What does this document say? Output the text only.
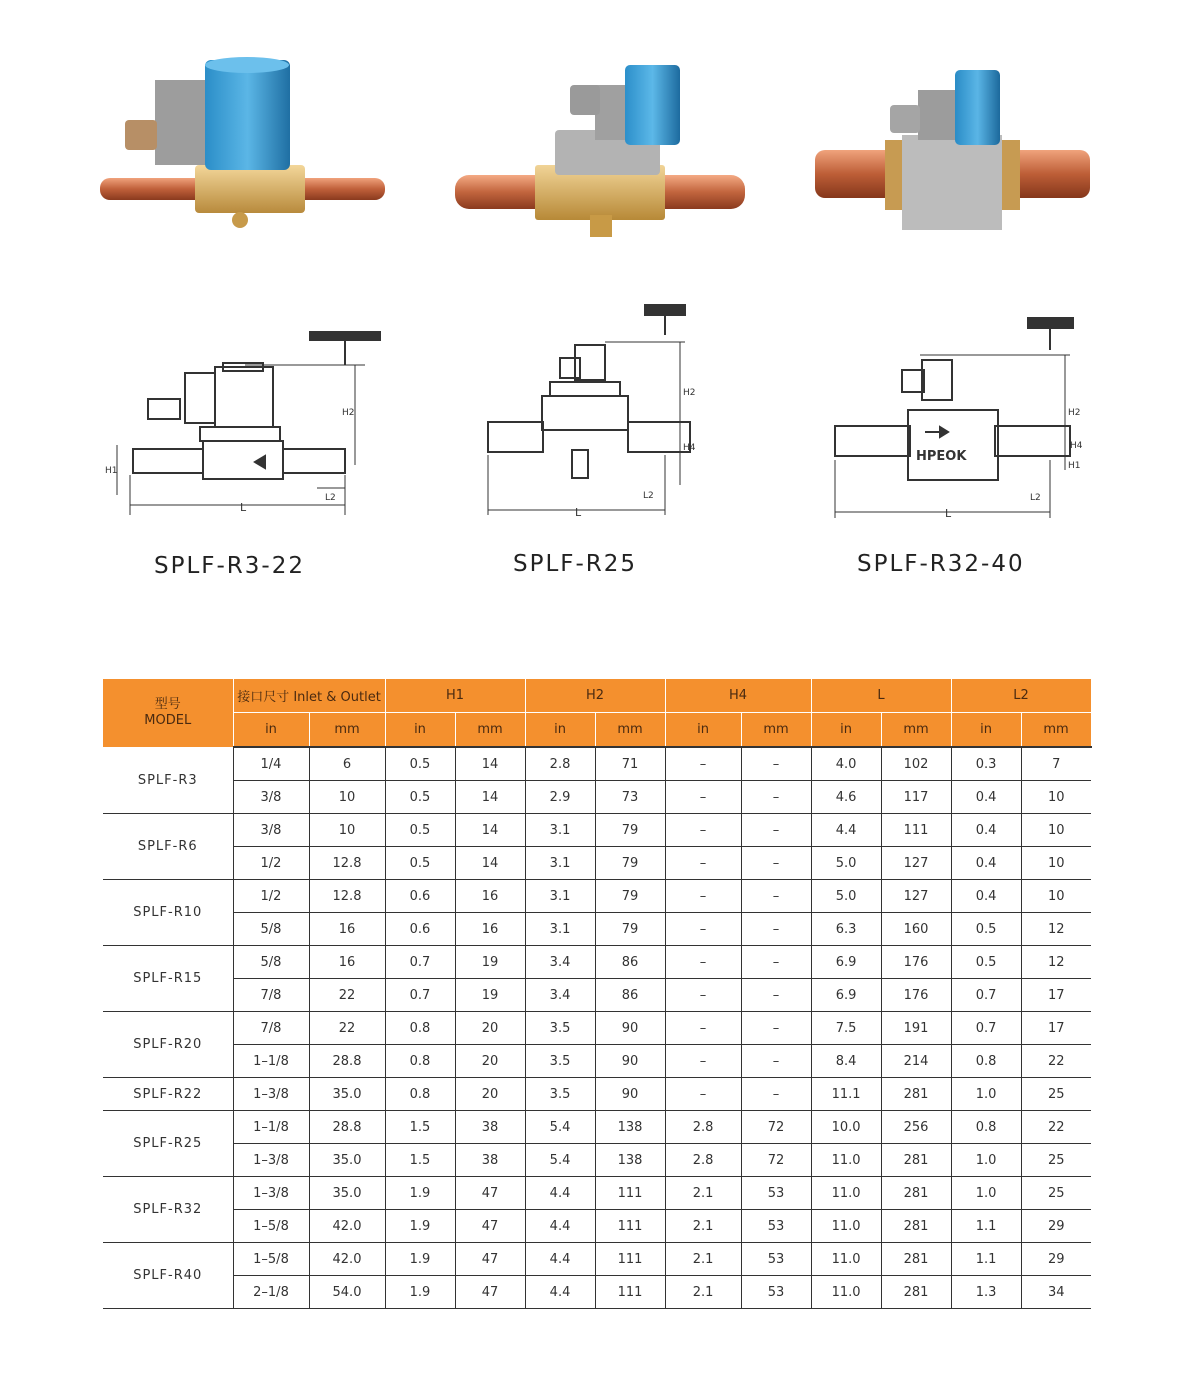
L
H1
H2
L2
L
H2
H4
L2
HPEOK
L
H2
H4
H1
L2
SPLF-R3-22	SPLF-R25	SPLF-R32-40
型号
MODEL	接口尺寸 Inlet & Outlet		H1		H2		H4		L		L2	
	in	mm	in	mm	in	mm	in	mm	in	mm	in	mm
SPLF-R3	1/4	6	0.5	14	2.8	71	–	–	4.0	102	0.3	7
	3/8	10	0.5	14	2.9	73	–	–	4.6	117	0.4	10
SPLF-R6	3/8	10	0.5	14	3.1	79	–	–	4.4	111	0.4	10
	1/2	12.8	0.5	14	3.1	79	–	–	5.0	127	0.4	10
SPLF-R10	1/2	12.8	0.6	16	3.1	79	–	–	5.0	127	0.4	10
	5/8	16	0.6	16	3.1	79	–	–	6.3	160	0.5	12
SPLF-R15	5/8	16	0.7	19	3.4	86	–	–	6.9	176	0.5	12
	7/8	22	0.7	19	3.4	86	–	–	6.9	176	0.7	17
SPLF-R20	7/8	22	0.8	20	3.5	90	–	–	7.5	191	0.7	17
	1–1/8	28.8	0.8	20	3.5	90	–	–	8.4	214	0.8	22
SPLF-R22	1–3/8	35.0	0.8	20	3.5	90	–	–	11.1	281	1.0	25
SPLF-R25	1–1/8	28.8	1.5	38	5.4	138	2.8	72	10.0	256	0.8	22
	1–3/8	35.0	1.5	38	5.4	138	2.8	72	11.0	281	1.0	25
SPLF-R32	1–3/8	35.0	1.9	47	4.4	111	2.1	53	11.0	281	1.0	25
	1–5/8	42.0	1.9	47	4.4	111	2.1	53	11.0	281	1.1	29
SPLF-R40	1–5/8	42.0	1.9	47	4.4	111	2.1	53	11.0	281	1.1	29
	2–1/8	54.0	1.9	47	4.4	111	2.1	53	11.0	281	1.3	34
